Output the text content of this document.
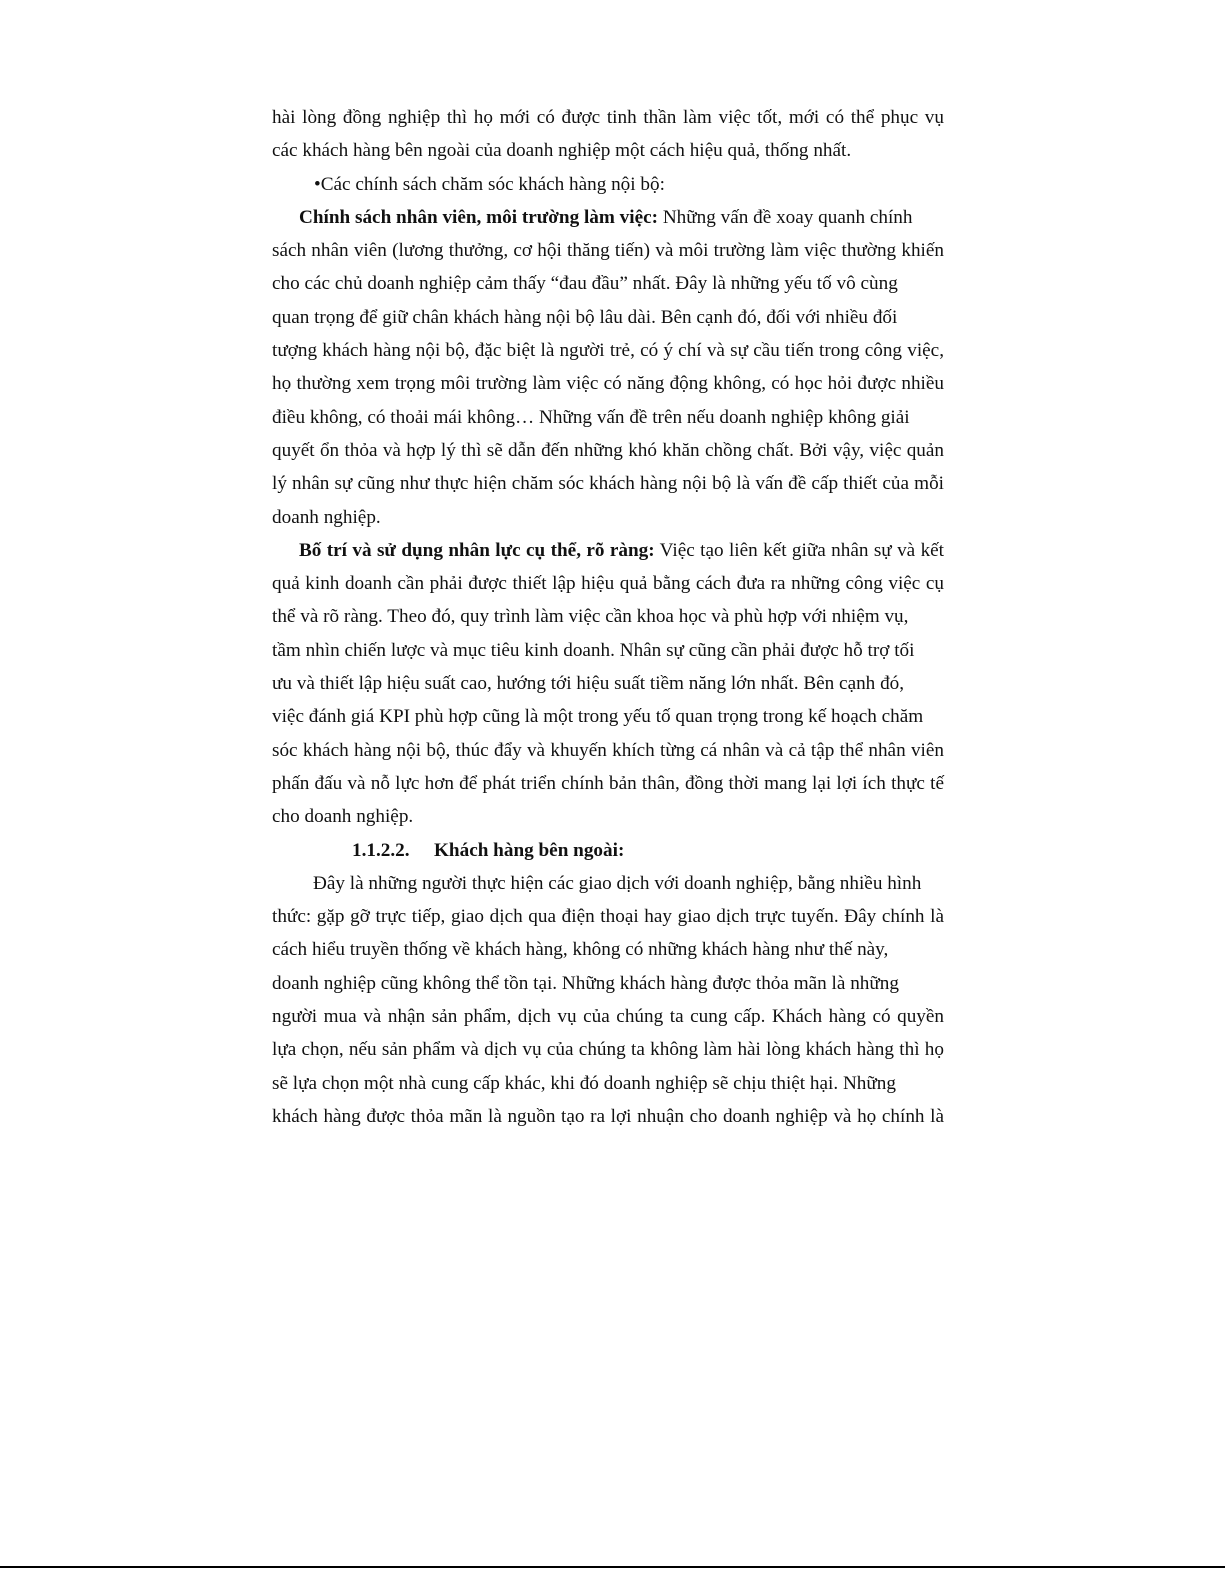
hài lòng đồng nghiệp thì họ mới có được tinh thần làm việc tốt, mới có thể phục vụ
các khách hàng bên ngoài của doanh nghiệp một cách hiệu quả, thống nhất.
•Các chính sách chăm sóc khách hàng nội bộ:
Chính sách nhân viên, môi trường làm việc: Những vấn đề xoay quanh chính
sách nhân viên (lương thưởng, cơ hội thăng tiến) và môi trường làm việc thường khiến
cho các chủ doanh nghiệp cảm thấy “đau đầu” nhất. Đây là những yếu tố vô cùng
quan trọng để giữ chân khách hàng nội bộ lâu dài. Bên cạnh đó, đối với nhiều đối
tượng khách hàng nội bộ, đặc biệt là người trẻ, có ý chí và sự cầu tiến trong công việc,
họ thường xem trọng môi trường làm việc có năng động không, có học hỏi được nhiều
điều không, có thoải mái không… Những vấn đề trên nếu doanh nghiệp không giải
quyết ổn thỏa và hợp lý thì sẽ dẫn đến những khó khăn chồng chất. Bởi vậy, việc quản
lý nhân sự cũng như thực hiện chăm sóc khách hàng nội bộ là vấn đề cấp thiết của mỗi
doanh nghiệp.
Bố trí và sử dụng nhân lực cụ thể, rõ ràng: Việc tạo liên kết giữa nhân sự và kết
quả kinh doanh cần phải được thiết lập hiệu quả bằng cách đưa ra những công việc cụ
thể và rõ ràng. Theo đó, quy trình làm việc cần khoa học và phù hợp với nhiệm vụ,
tầm nhìn chiến lược và mục tiêu kinh doanh. Nhân sự cũng cần phải được hỗ trợ tối
ưu và thiết lập hiệu suất cao, hướng tới hiệu suất tiềm năng lớn nhất. Bên cạnh đó,
việc đánh giá KPI phù hợp cũng là một trong yếu tố quan trọng trong kế hoạch chăm
sóc khách hàng nội bộ, thúc đẩy và khuyến khích từng cá nhân và cả tập thể nhân viên
phấn đấu và nỗ lực hơn để phát triển chính bản thân, đồng thời mang lại lợi ích thực tế
cho doanh nghiệp.
1.1.2.2. Khách hàng bên ngoài:
Đây là những người thực hiện các giao dịch với doanh nghiệp, bằng nhiều hình
thức: gặp gỡ trực tiếp, giao dịch qua điện thoại hay giao dịch trực tuyến. Đây chính là
cách hiểu truyền thống về khách hàng, không có những khách hàng như thế này,
doanh nghiệp cũng không thể tồn tại. Những khách hàng được thỏa mãn là những
người mua và nhận sản phẩm, dịch vụ của chúng ta cung cấp. Khách hàng có quyền
lựa chọn, nếu sản phẩm và dịch vụ của chúng ta không làm hài lòng khách hàng thì họ
sẽ lựa chọn một nhà cung cấp khác, khi đó doanh nghiệp sẽ chịu thiệt hại. Những
khách hàng được thỏa mãn là nguồn tạo ra lợi nhuận cho doanh nghiệp và họ chính là
